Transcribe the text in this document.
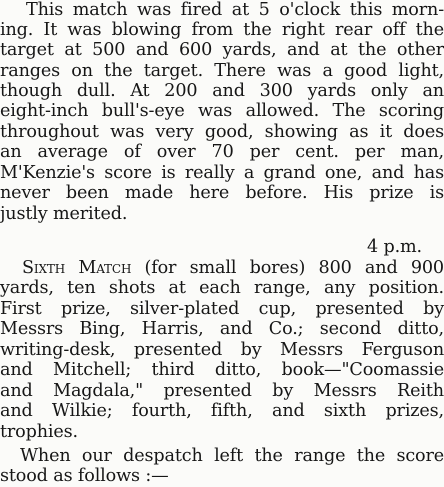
This match was fired at 5 o'clock this morn-
ing. It was blowing from the right rear off the
target at 500 and 600 yards, and at the other
ranges on the target. There was a good light,
though dull. At 200 and 300 yards only an
eight-inch bull's-eye was allowed. The scoring
throughout was very good, showing as it does
an average of over 70 per cent. per man,
M'Kenzie's score is really a grand one, and has
never been made here before. His prize is
justly merited.
4 p.m.
Sixth Match (for small bores) 800 and 900
yards, ten shots at each range, any position.
First prize, silver-plated cup, presented by
Messrs Bing, Harris, and Co.; second ditto,
writing-desk, presented by Messrs Ferguson
and Mitchell; third ditto, book—"Coomassie
and Magdala," presented by Messrs Reith
and Wilkie; fourth, fifth, and sixth prizes,
trophies.
When our despatch left the range the score
stood as follows :—
